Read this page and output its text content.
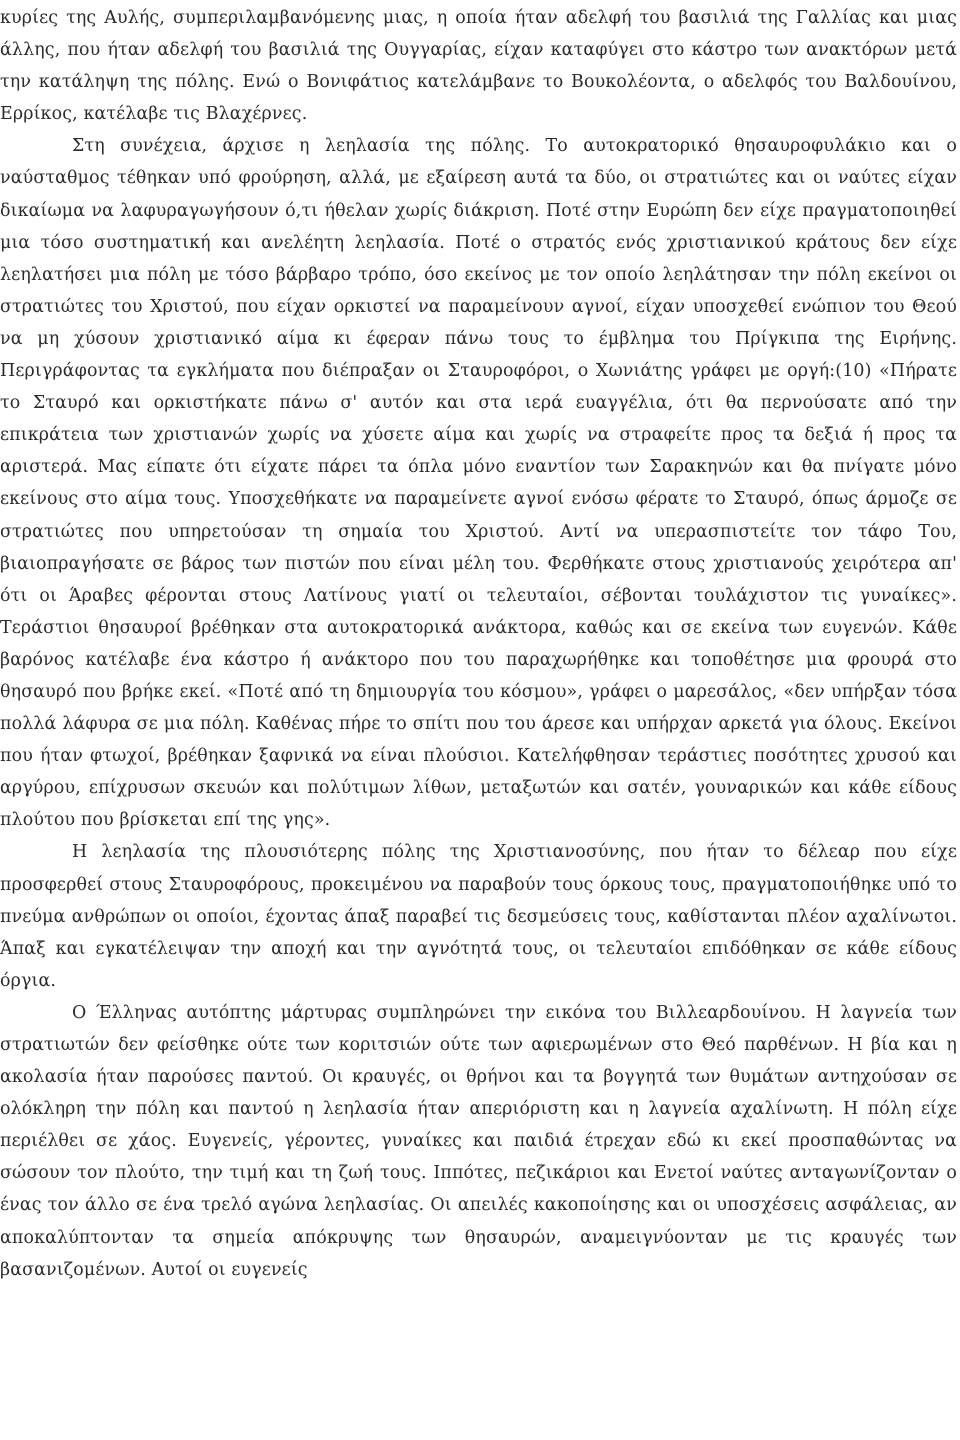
κυρίες της Αυλής, συμπεριλαμβανόμενης μιας, η οποία ήταν αδελφή του βασιλιά της Γαλλίας και μιας άλλης, που ήταν αδελφή του βασιλιά της Ουγγαρίας, είχαν καταφύγει στο κάστρο των ανακτόρων μετά την κατάληψη της πόλης. Ενώ ο Βονιφάτιος κατελάμβανε το Βουκολέοντα, ο αδελφός του Βαλδουίνου, Ερρίκος, κατέλαβε τις Βλαχέρνες.

Στη συνέχεια, άρχισε η λεηλασία της πόλης. Το αυτοκρατορικό θησαυροφυλάκιο και ο ναύσταθμος τέθηκαν υπό φρούρηση, αλλά, με εξαίρεση αυτά τα δύο, οι στρατιώτες και οι ναύτες είχαν δικαίωμα να λαφυραγωγήσουν ό,τι ήθελαν χωρίς διάκριση. Ποτέ στην Ευρώπη δεν είχε πραγματοποιηθεί μια τόσο συστηματική και ανελέητη λεηλασία. Ποτέ ο στρατός ενός χριστιανικού κράτους δεν είχε λεηλατήσει μια πόλη με τόσο βάρβαρο τρόπο, όσο εκείνος με τον οποίο λεηλάτησαν την πόλη εκείνοι οι στρατιώτες του Χριστού, που είχαν ορκιστεί να παραμείνουν αγνοί, είχαν υποσχεθεί ενώπιον του Θεού να μη χύσουν χριστιανικό αίμα κι έφεραν πάνω τους το έμβλημα του Πρίγκιπα της Ειρήνης. Περιγράφοντας τα εγκλήματα που διέπραξαν οι Σταυροφόροι, ο Χωνιάτης γράφει με οργή:(10) «Πήρατε το Σταυρό και ορκιστήκατε πάνω σ' αυτόν και στα ιερά ευαγγέλια, ότι θα περνούσατε από την επικράτεια των χριστιανών χωρίς να χύσετε αίμα και χωρίς να στραφείτε προς τα δεξιά ή προς τα αριστερά. Μας είπατε ότι είχατε πάρει τα όπλα μόνο εναντίον των Σαρακηνών και θα πνίγατε μόνο εκείνους στο αίμα τους. Υποσχεθήκατε να παραμείνετε αγνοί ενόσω φέρατε το Σταυρό, όπως άρμοζε σε στρατιώτες που υπηρετούσαν τη σημαία του Χριστού. Αντί να υπερασπιστείτε τον τάφο Του, βιαιοπραγήσατε σε βάρος των πιστών που είναι μέλη του. Φερθήκατε στους χριστιανούς χειρότερα απ' ότι οι Άραβες φέρονται στους Λατίνους γιατί οι τελευταίοι, σέβονται τουλάχιστον τις γυναίκες». Τεράστιοι θησαυροί βρέθηκαν στα αυτοκρατορικά ανάκτορα, καθώς και σε εκείνα των ευγενών. Κάθε βαρόνος κατέλαβε ένα κάστρο ή ανάκτορο που του παραχωρήθηκε και τοποθέτησε μια φρουρά στο θησαυρό που βρήκε εκεί. «Ποτέ από τη δημιουργία του κόσμου», γράφει ο μαρεσάλος, «δεν υπήρξαν τόσα πολλά λάφυρα σε μια πόλη. Καθένας πήρε το σπίτι που του άρεσε και υπήρχαν αρκετά για όλους. Εκείνοι που ήταν φτωχοί, βρέθηκαν ξαφνικά να είναι πλούσιοι. Κατελήφθησαν τεράστιες ποσότητες χρυσού και αργύρου, επίχρυσων σκευών και πολύτιμων λίθων, μεταξωτών και σατέν, γουναρικών και κάθε είδους πλούτου που βρίσκεται επί της γης».

Η λεηλασία της πλουσιότερης πόλης της Χριστιανοσύνης, που ήταν το δέλεαρ που είχε προσφερθεί στους Σταυροφόρους, προκειμένου να παραβούν τους όρκους τους, πραγματοποιήθηκε υπό το πνεύμα ανθρώπων οι οποίοι, έχοντας άπαξ παραβεί τις δεσμεύσεις τους, καθίστανται πλέον αχαλίνωτοι. Άπαξ και εγκατέλειψαν την αποχή και την αγνότητά τους, οι τελευταίοι επιδόθηκαν σε κάθε είδους όργια.

Ο Έλληνας αυτόπτης μάρτυρας συμπληρώνει την εικόνα του Βιλλεαρδουίνου. Η λαγνεία των στρατιωτών δεν φείσθηκε ούτε των κοριτσιών ούτε των αφιερωμένων στο Θεό παρθένων. Η βία και η ακολασία ήταν παρούσες παντού. Οι κραυγές, οι θρήνοι και τα βογγητά των θυμάτων αντηχούσαν σε ολόκληρη την πόλη και παντού η λεηλασία ήταν απεριόριστη και η λαγνεία αχαλίνωτη. Η πόλη είχε περιέλθει σε χάος. Ευγενείς, γέροντες, γυναίκες και παιδιά έτρεχαν εδώ κι εκεί προσπαθώντας να σώσουν τον πλούτο, την τιμή και τη ζωή τους. Ιππότες, πεζικάριοι και Ενετοί ναύτες ανταγωνίζονταν ο ένας τον άλλο σε ένα τρελό αγώνα λεηλασίας. Οι απειλές κακοποίησης και οι υποσχέσεις ασφάλειας, αν αποκαλύπτονταν τα σημεία απόκρυψης των θησαυρών, αναμειγνύονταν με τις κραυγές των βασανιζομένων. Αυτοί οι ευγενείς
